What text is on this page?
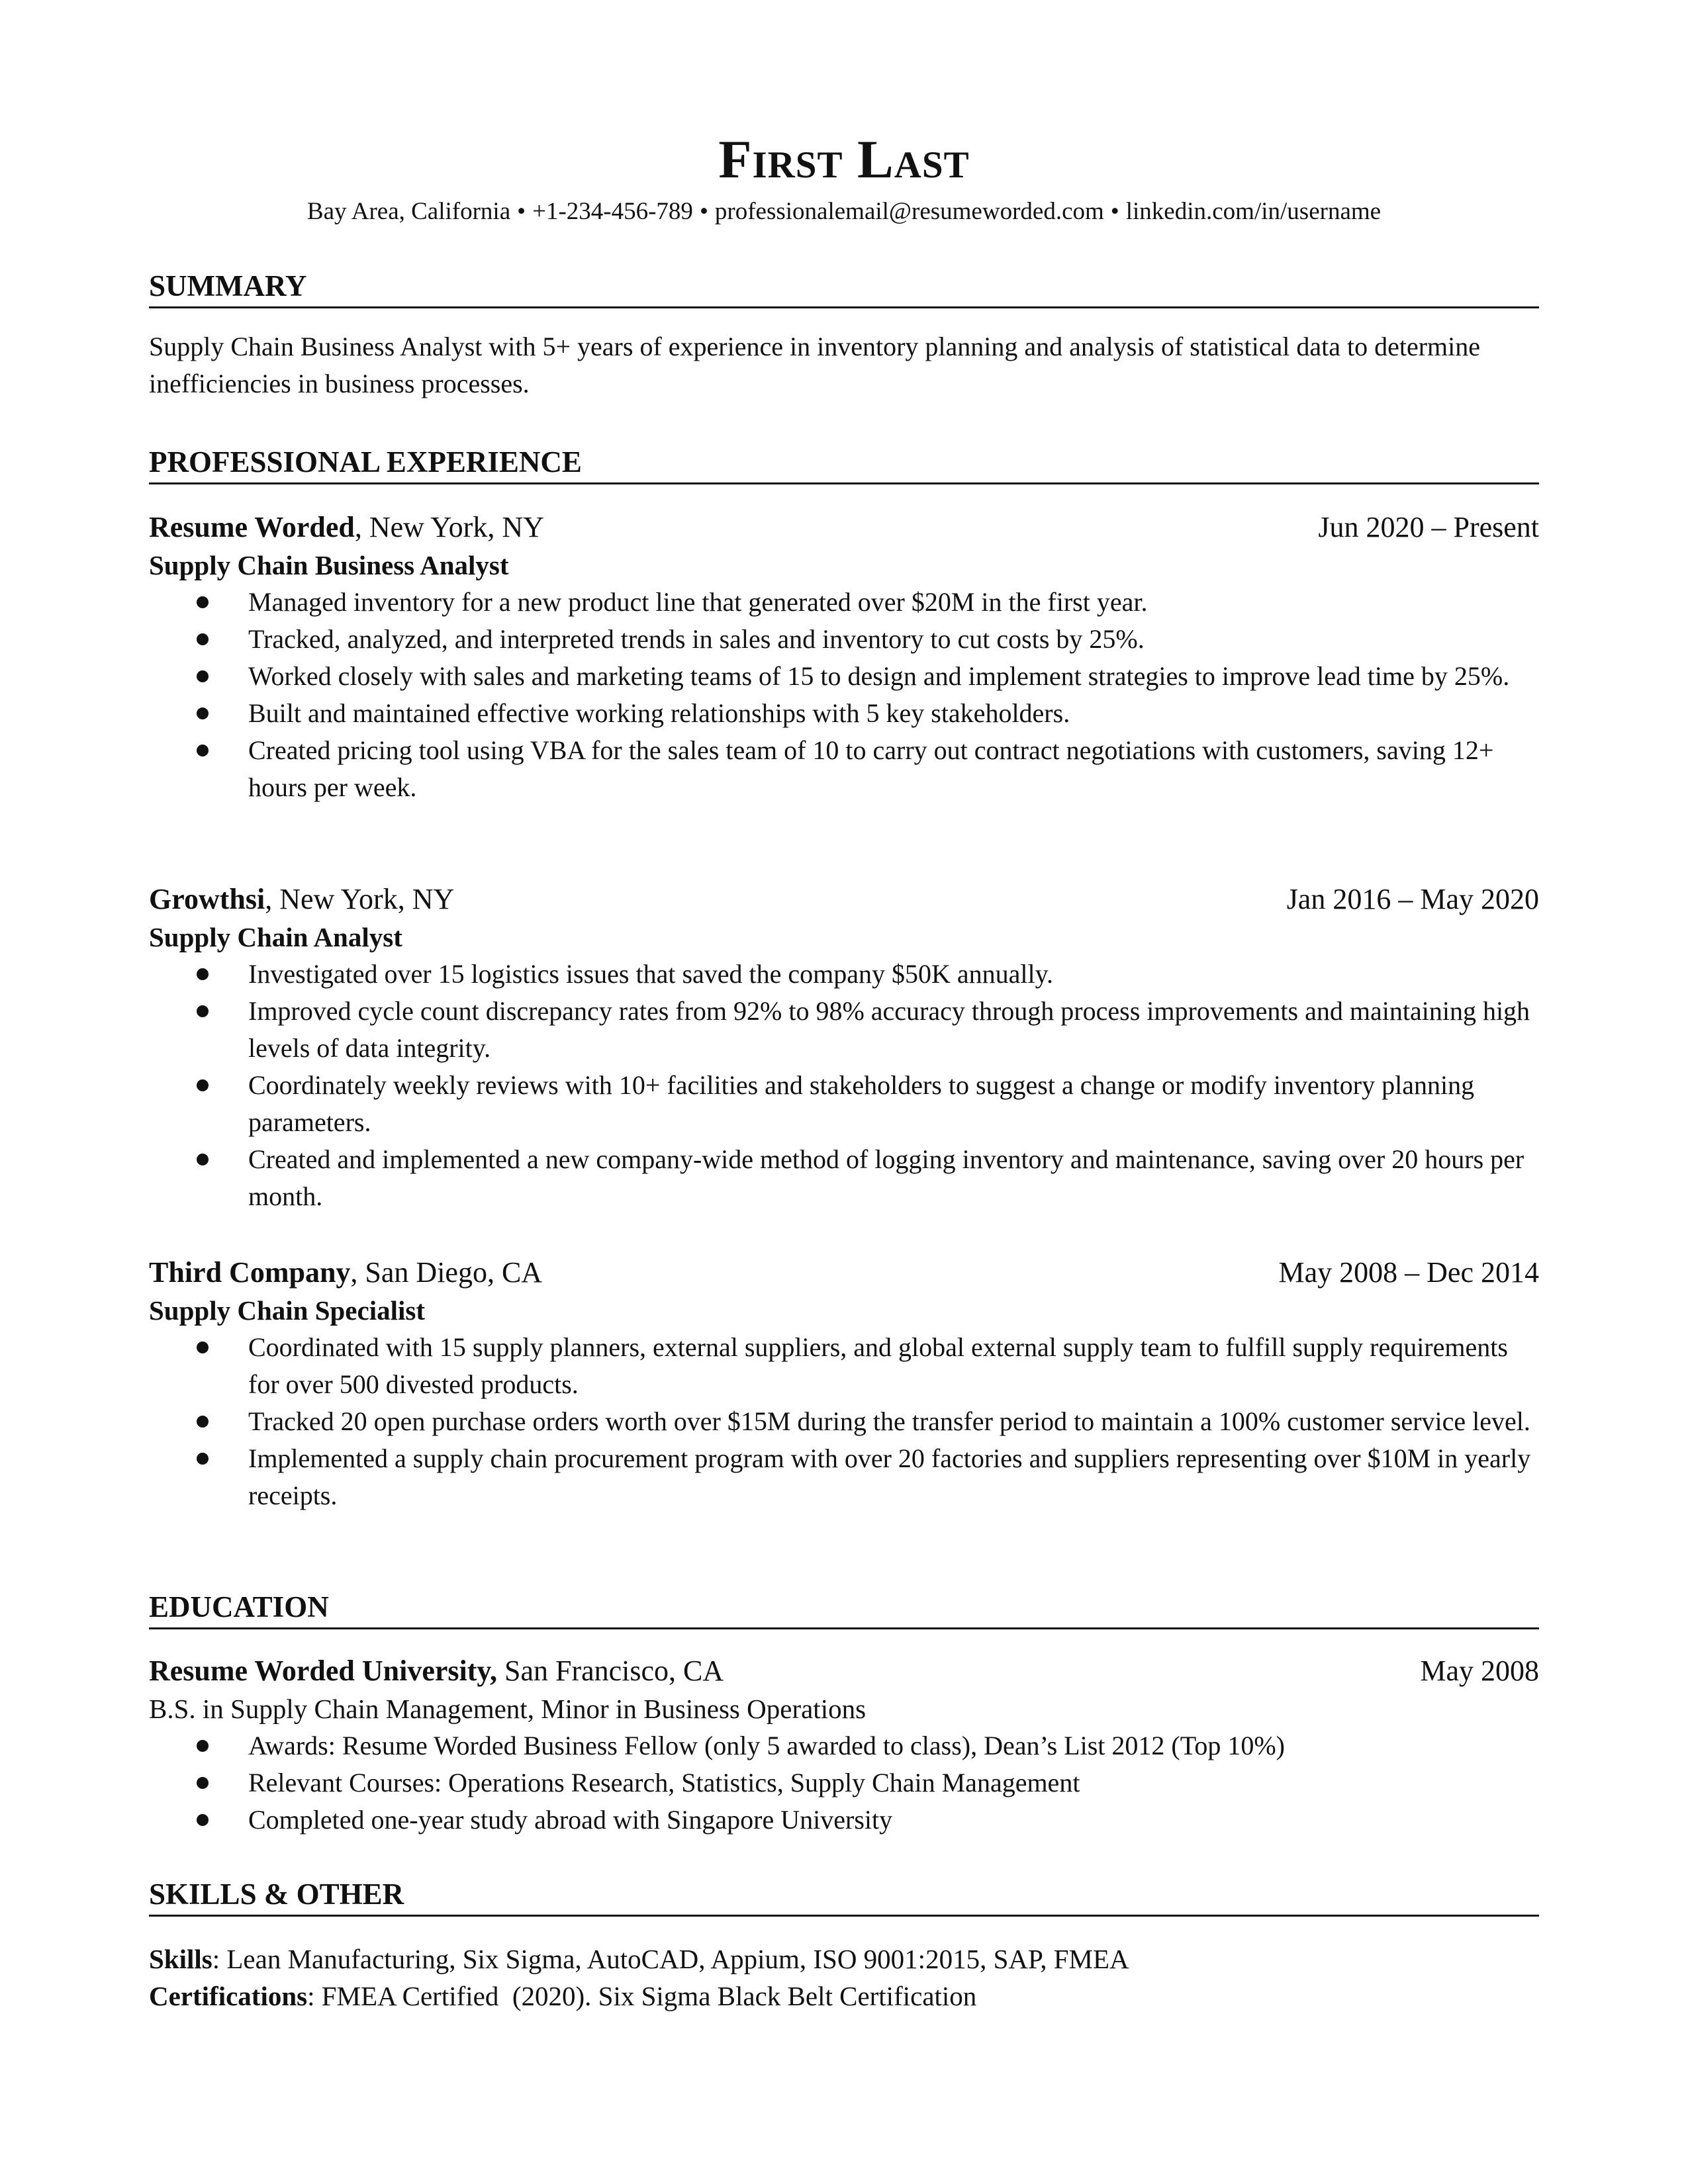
First Last
Bay Area, California • +1-234-456-789 • professionalemail@resumeworded.com • linkedin.com/in/username
SUMMARY
Supply Chain Business Analyst with 5+ years of experience in inventory planning and analysis of statistical data to determine inefficiencies in business processes.
PROFESSIONAL EXPERIENCE
Resume Worded, New York, NY	Jun 2020 – Present
Supply Chain Business Analyst
Managed inventory for a new product line that generated over $20M in the first year.
Tracked, analyzed, and interpreted trends in sales and inventory to cut costs by 25%.
Worked closely with sales and marketing teams of 15 to design and implement strategies to improve lead time by 25%.
Built and maintained effective working relationships with 5 key stakeholders.
Created pricing tool using VBA for the sales team of 10 to carry out contract negotiations with customers, saving 12+ hours per week.
Growthsi, New York, NY	Jan 2016 – May 2020
Supply Chain Analyst
Investigated over 15 logistics issues that saved the company $50K annually.
Improved cycle count discrepancy rates from 92% to 98% accuracy through process improvements and maintaining high levels of data integrity.
Coordinately weekly reviews with 10+ facilities and stakeholders to suggest a change or modify inventory planning parameters.
Created and implemented a new company-wide method of logging inventory and maintenance, saving over 20 hours per month.
Third Company, San Diego, CA	May 2008 – Dec 2014
Supply Chain Specialist
Coordinated with 15 supply planners, external suppliers, and global external supply team to fulfill supply requirements for over 500 divested products.
Tracked 20 open purchase orders worth over $15M during the transfer period to maintain a 100% customer service level.
Implemented a supply chain procurement program with over 20 factories and suppliers representing over $10M in yearly receipts.
EDUCATION
Resume Worded University, San Francisco, CA	May 2008
B.S. in Supply Chain Management, Minor in Business Operations
Awards: Resume Worded Business Fellow (only 5 awarded to class), Dean’s List 2012 (Top 10%)
Relevant Courses: Operations Research, Statistics, Supply Chain Management
Completed one-year study abroad with Singapore University
SKILLS & OTHER
Skills: Lean Manufacturing, Six Sigma, AutoCAD, Appium, ISO 9001:2015, SAP, FMEA
Certifications: FMEA Certified  (2020). Six Sigma Black Belt Certification
